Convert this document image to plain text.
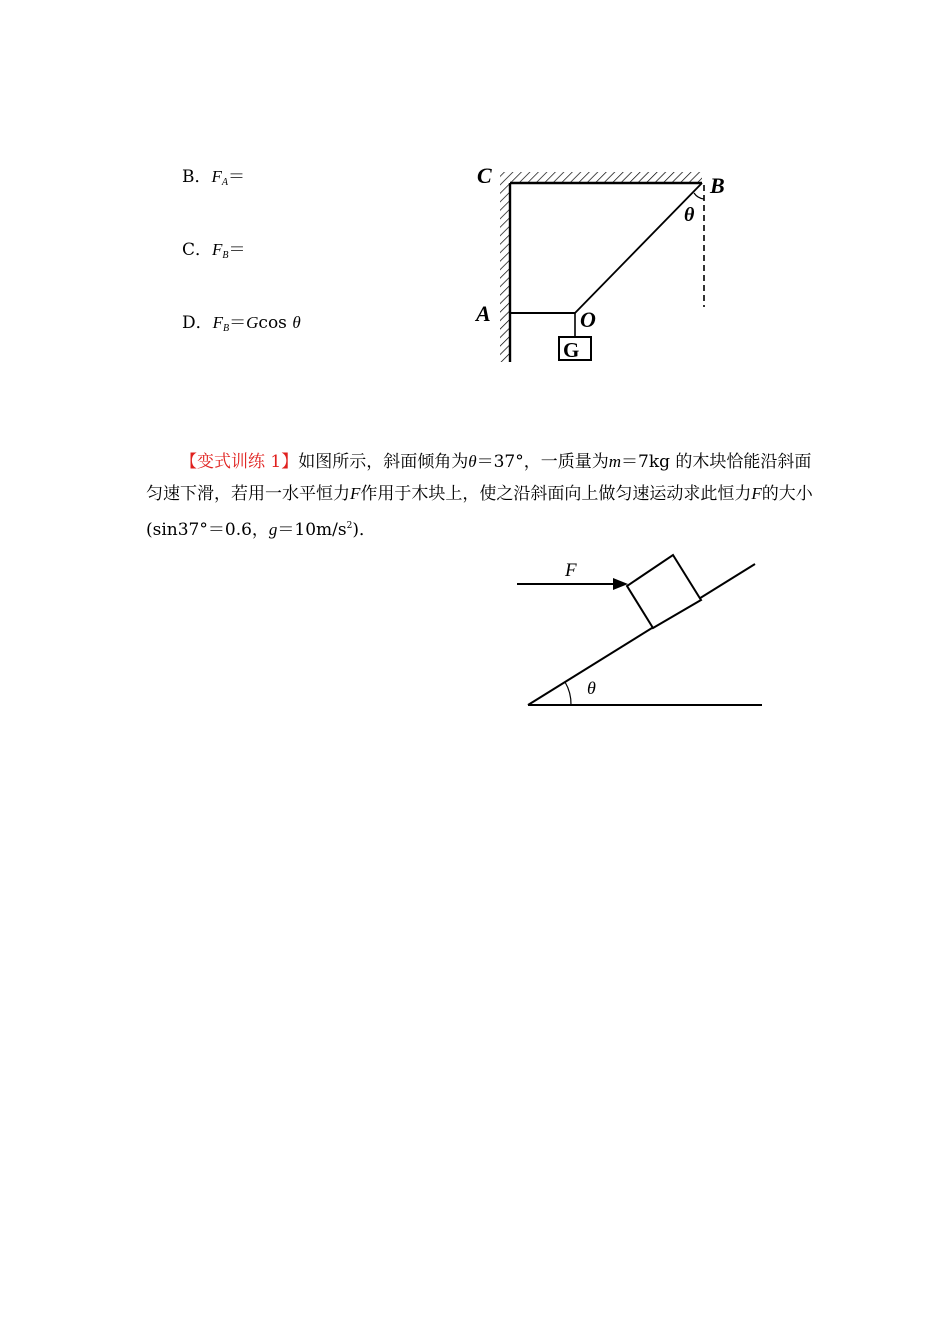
B．$F_A=$
C．$F_B=$
D．$F_B=Gcos$ θ
C	B
θ
A	O
G
【变式训练 1】如图所示，斜面倾角为θ＝37°，一质量为m＝7kg 的木块恰能沿斜面匀速下滑，若用一水平恒力F作用于木块上，使之沿斜面向上做匀速运动求此恒力F的大小(sin37°＝0.6，$g=10m/s^2$)．
F
θ
